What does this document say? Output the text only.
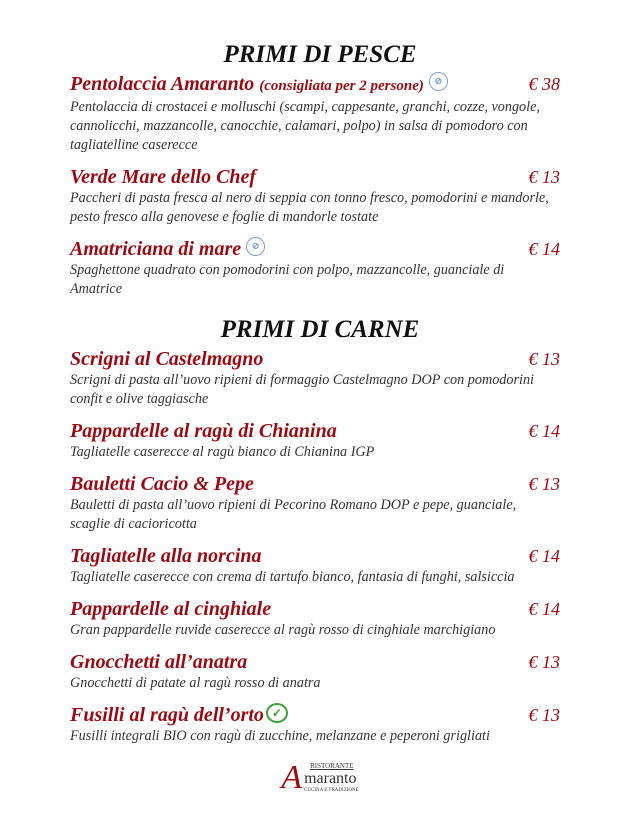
PRIMI DI PESCE
Pentolaccia Amaranto (consigliata per 2 persone) ⊘	€ 38
Pentolaccia di crostacei e molluschi (scampi, cappesante, granchi, cozze, vongole, cannolicchi, mazzancolle, canocchie, calamari, polpo) in salsa di pomodoro con tagliatelline caserecce
Verde Mare dello Chef	€ 13
Paccheri di pasta fresca al nero di seppia con tonno fresco, pomodorini e mandorle, pesto fresco alla genovese e foglie di mandorle tostate
Amatriciana di mare ⊘	€ 14
Spaghettone quadrato con pomodorini con polpo, mazzancolle, guanciale di Amatrice
PRIMI DI CARNE
Scrigni al Castelmagno	€ 13
Scrigni di pasta all’uovo ripieni di formaggio Castelmagno DOP con pomodorini confit e olive taggiasche
Pappardelle al ragù di Chianina	€ 14
Tagliatelle caserecce al ragù bianco di Chianina IGP
Bauletti Cacio & Pepe	€ 13
Bauletti di pasta all’uovo ripieni di Pecorino Romano DOP e pepe, guanciale, scaglie di cacioricotta
Tagliatelle alla norcina	€ 14
Tagliatelle caserecce con crema di tartufo bianco, fantasia di funghi, salsiccia
Pappardelle al cinghiale	€ 14
Gran pappardelle ruvide caserecce al ragù rosso di cinghiale marchigiano
Gnocchetti all’anatra	€ 13
Gnocchetti di patate al ragù rosso di anatra
Fusilli al ragù dell’orto ✓	€ 13
Fusilli integrali BIO con ragù di zucchine, melanzane e peperoni grigliati
A RISTORANTE
maranto
CUCINA E TRADIZIONE
